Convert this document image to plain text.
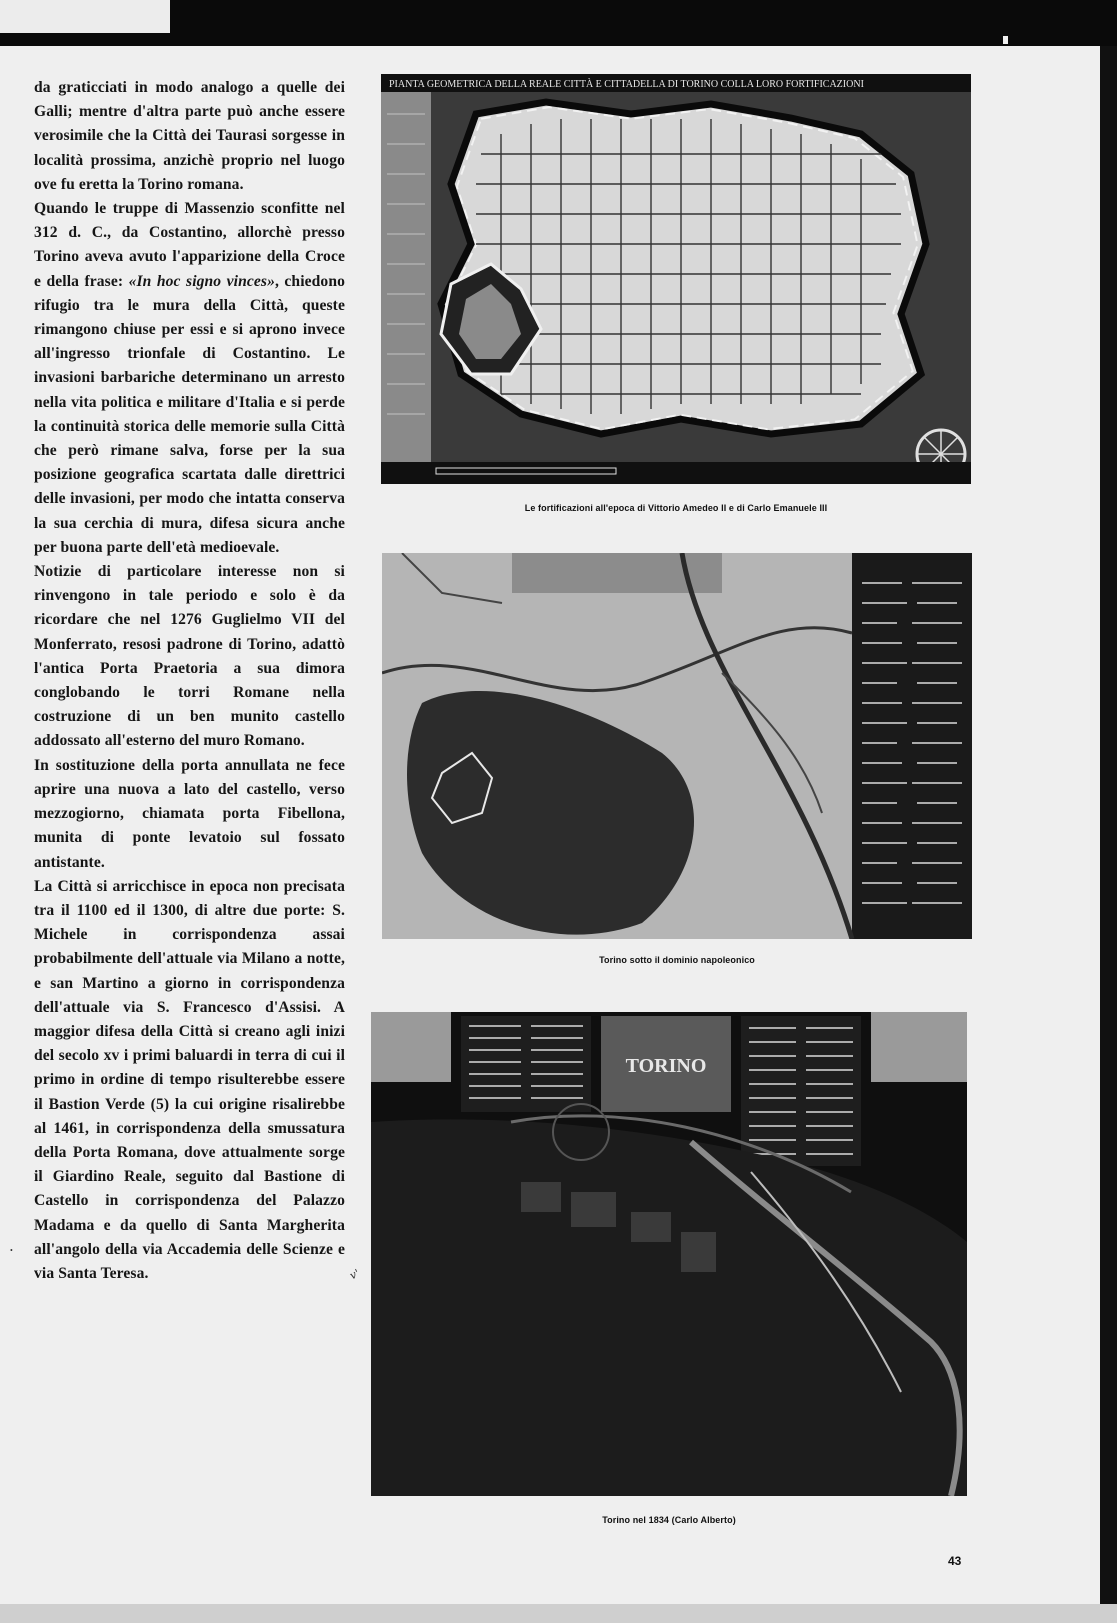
da graticciati in modo analogo a quelle dei Galli; mentre d'altra parte può anche essere verosimile che la Città dei Taurasi sorgesse in località prossima, anzichè proprio nel luogo ove fu eretta la Torino romana.

Quando le truppe di Massenzio sconfitte nel 312 d. C., da Costantino, allorchè presso Torino aveva avuto l'apparizione della Croce e della frase: «In hoc signo vinces», chiedono rifugio tra le mura della Città, queste rimangono chiuse per essi e si aprono invece all'ingresso trionfale di Costantino. Le invasioni barbariche determinano un arresto nella vita politica e militare d'Italia e si perde la continuità storica delle memorie sulla Città che però rimane salva, forse per la sua posizione geografica scartata dalle direttrici delle invasioni, per modo che intatta conserva la sua cerchia di mura, difesa sicura anche per buona parte dell'età medioevale.

Notizie di particolare interesse non si rinvengono in tale periodo e solo è da ricordare che nel 1276 Guglielmo VII del Monferrato, resosi padrone di Torino, adattò l'antica Porta Praetoria a sua dimora conglobando le torri Romane nella costruzione di un ben munito castello addossato all'esterno del muro Romano.

In sostituzione della porta annullata ne fece aprire una nuova a lato del castello, verso mezzogiorno, chiamata porta Fibellona, munita di ponte levatoio sul fossato antistante.

La Città si arricchisce in epoca non precisata tra il 1100 ed il 1300, di altre due porte: S. Michele in corrispondenza assai probabilmente dell'attuale via Milano a notte, e san Martino a giorno in corrispondenza dell'attuale via S. Francesco d'Assisi. A maggior difesa della Città si creano agli inizi del secolo xv i primi baluardi in terra di cui il primo in ordine di tempo risulterebbe essere il Bastion Verde (5) la cui origine risalirebbe al 1461, in corrispondenza della smussatura della Porta Romana, dove attualmente sorge il Giardino Reale, seguito dal Bastione di Castello in corrispondenza del Palazzo Madama e da quello di Santa Margherita all'angolo della via Accademia delle Scienze e via Santa Teresa.

•
v'
PIANTA GEOMETRICA DELLA REALE CITTÀ E CITTADELLA DI TORINO COLLA LORO FORTIFICAZIONI
Le fortificazioni all'epoca di Vittorio Amedeo II e di Carlo Emanuele III
Torino sotto il dominio napoleonico
TORINO
Torino nel 1834 (Carlo Alberto)
43
